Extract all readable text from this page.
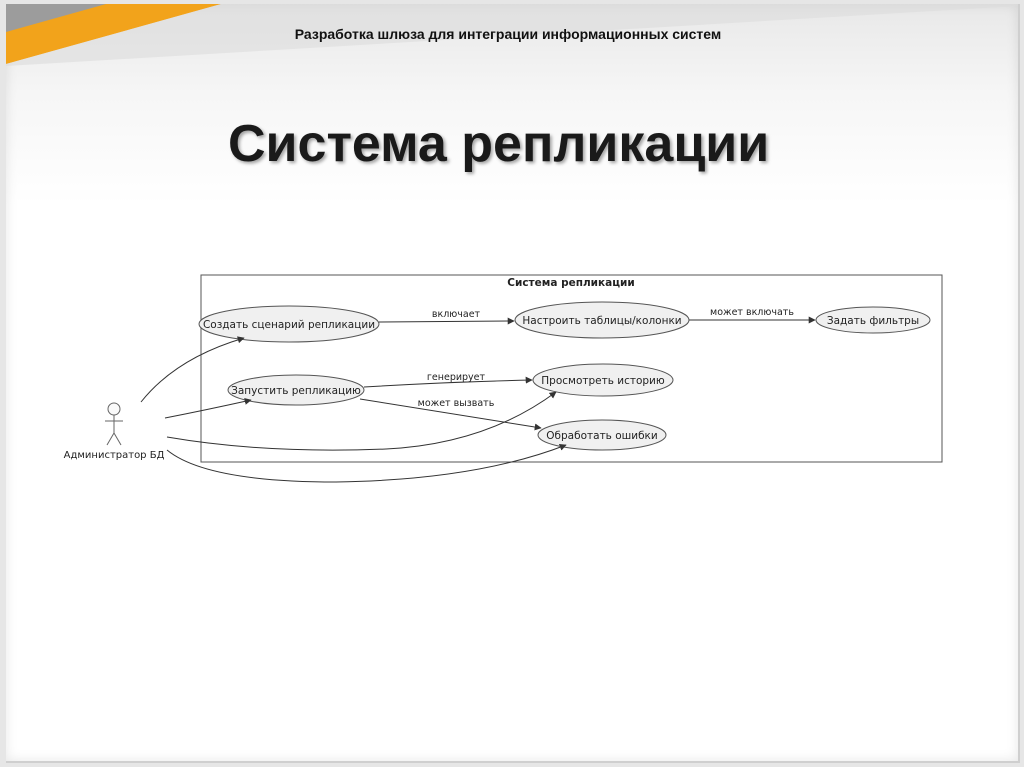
Разработка шлюза для интеграции информационных систем
Система репликации
Система репликации
Администратор БД
Создать сценарий репликации	Настроить таблицы/колонки	Задать фильтры
Запустить репликацию
Просмотреть историю
Обработать ошибки
включает	может включать
генерирует
может вызвать
